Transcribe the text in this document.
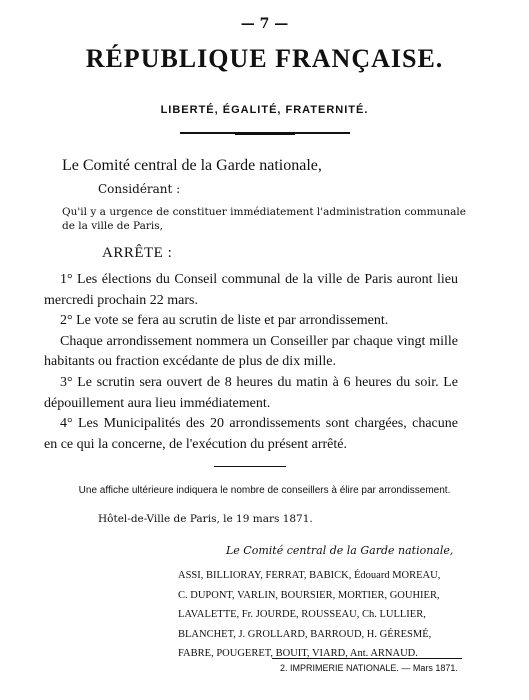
— 7 —
RÉPUBLIQUE FRANÇAISE.
LIBERTÉ, ÉGALITÉ, FRATERNITÉ.
Le Comité central de la Garde nationale,
Considérant :
Qu'il y a urgence de constituer immédiatement l'administration communale de la ville de Paris,
ARRÊTE :

1° Les élections du Conseil communal de la ville de Paris auront lieu mercredi prochain 22 mars.

2° Le vote se fera au scrutin de liste et par arrondissement.

Chaque arrondissement nommera un Conseiller par chaque vingt mille habitants ou fraction excédante de plus de dix mille.

3° Le scrutin sera ouvert de 8 heures du matin à 6 heures du soir. Le dépouillement aura lieu immédiatement.

4° Les Municipalités des 20 arrondissements sont chargées, chacune en ce qui la concerne, de l'exécution du présent arrêté.

Une affiche ultérieure indiquera le nombre de conseillers à élire par arrondissement.
Hôtel-de-Ville de Paris, le 19 mars 1871.
Le Comité central de la Garde nationale,
ASSI, BILLIORAY, FERRAT, BABICK, Édouard MOREAU,
C. DUPONT, VARLIN, BOURSIER, MORTIER, GOUHIER,
LAVALETTE, Fr. JOURDE, ROUSSEAU, Ch. LULLIER,
BLANCHET, J. GROLLARD, BARROUD, H. GÉRESMÉ,
FABRE, POUGERET, BOUIT, VIARD, Ant. ARNAUD.
2. IMPRIMERIE NATIONALE. — Mars 1871.
